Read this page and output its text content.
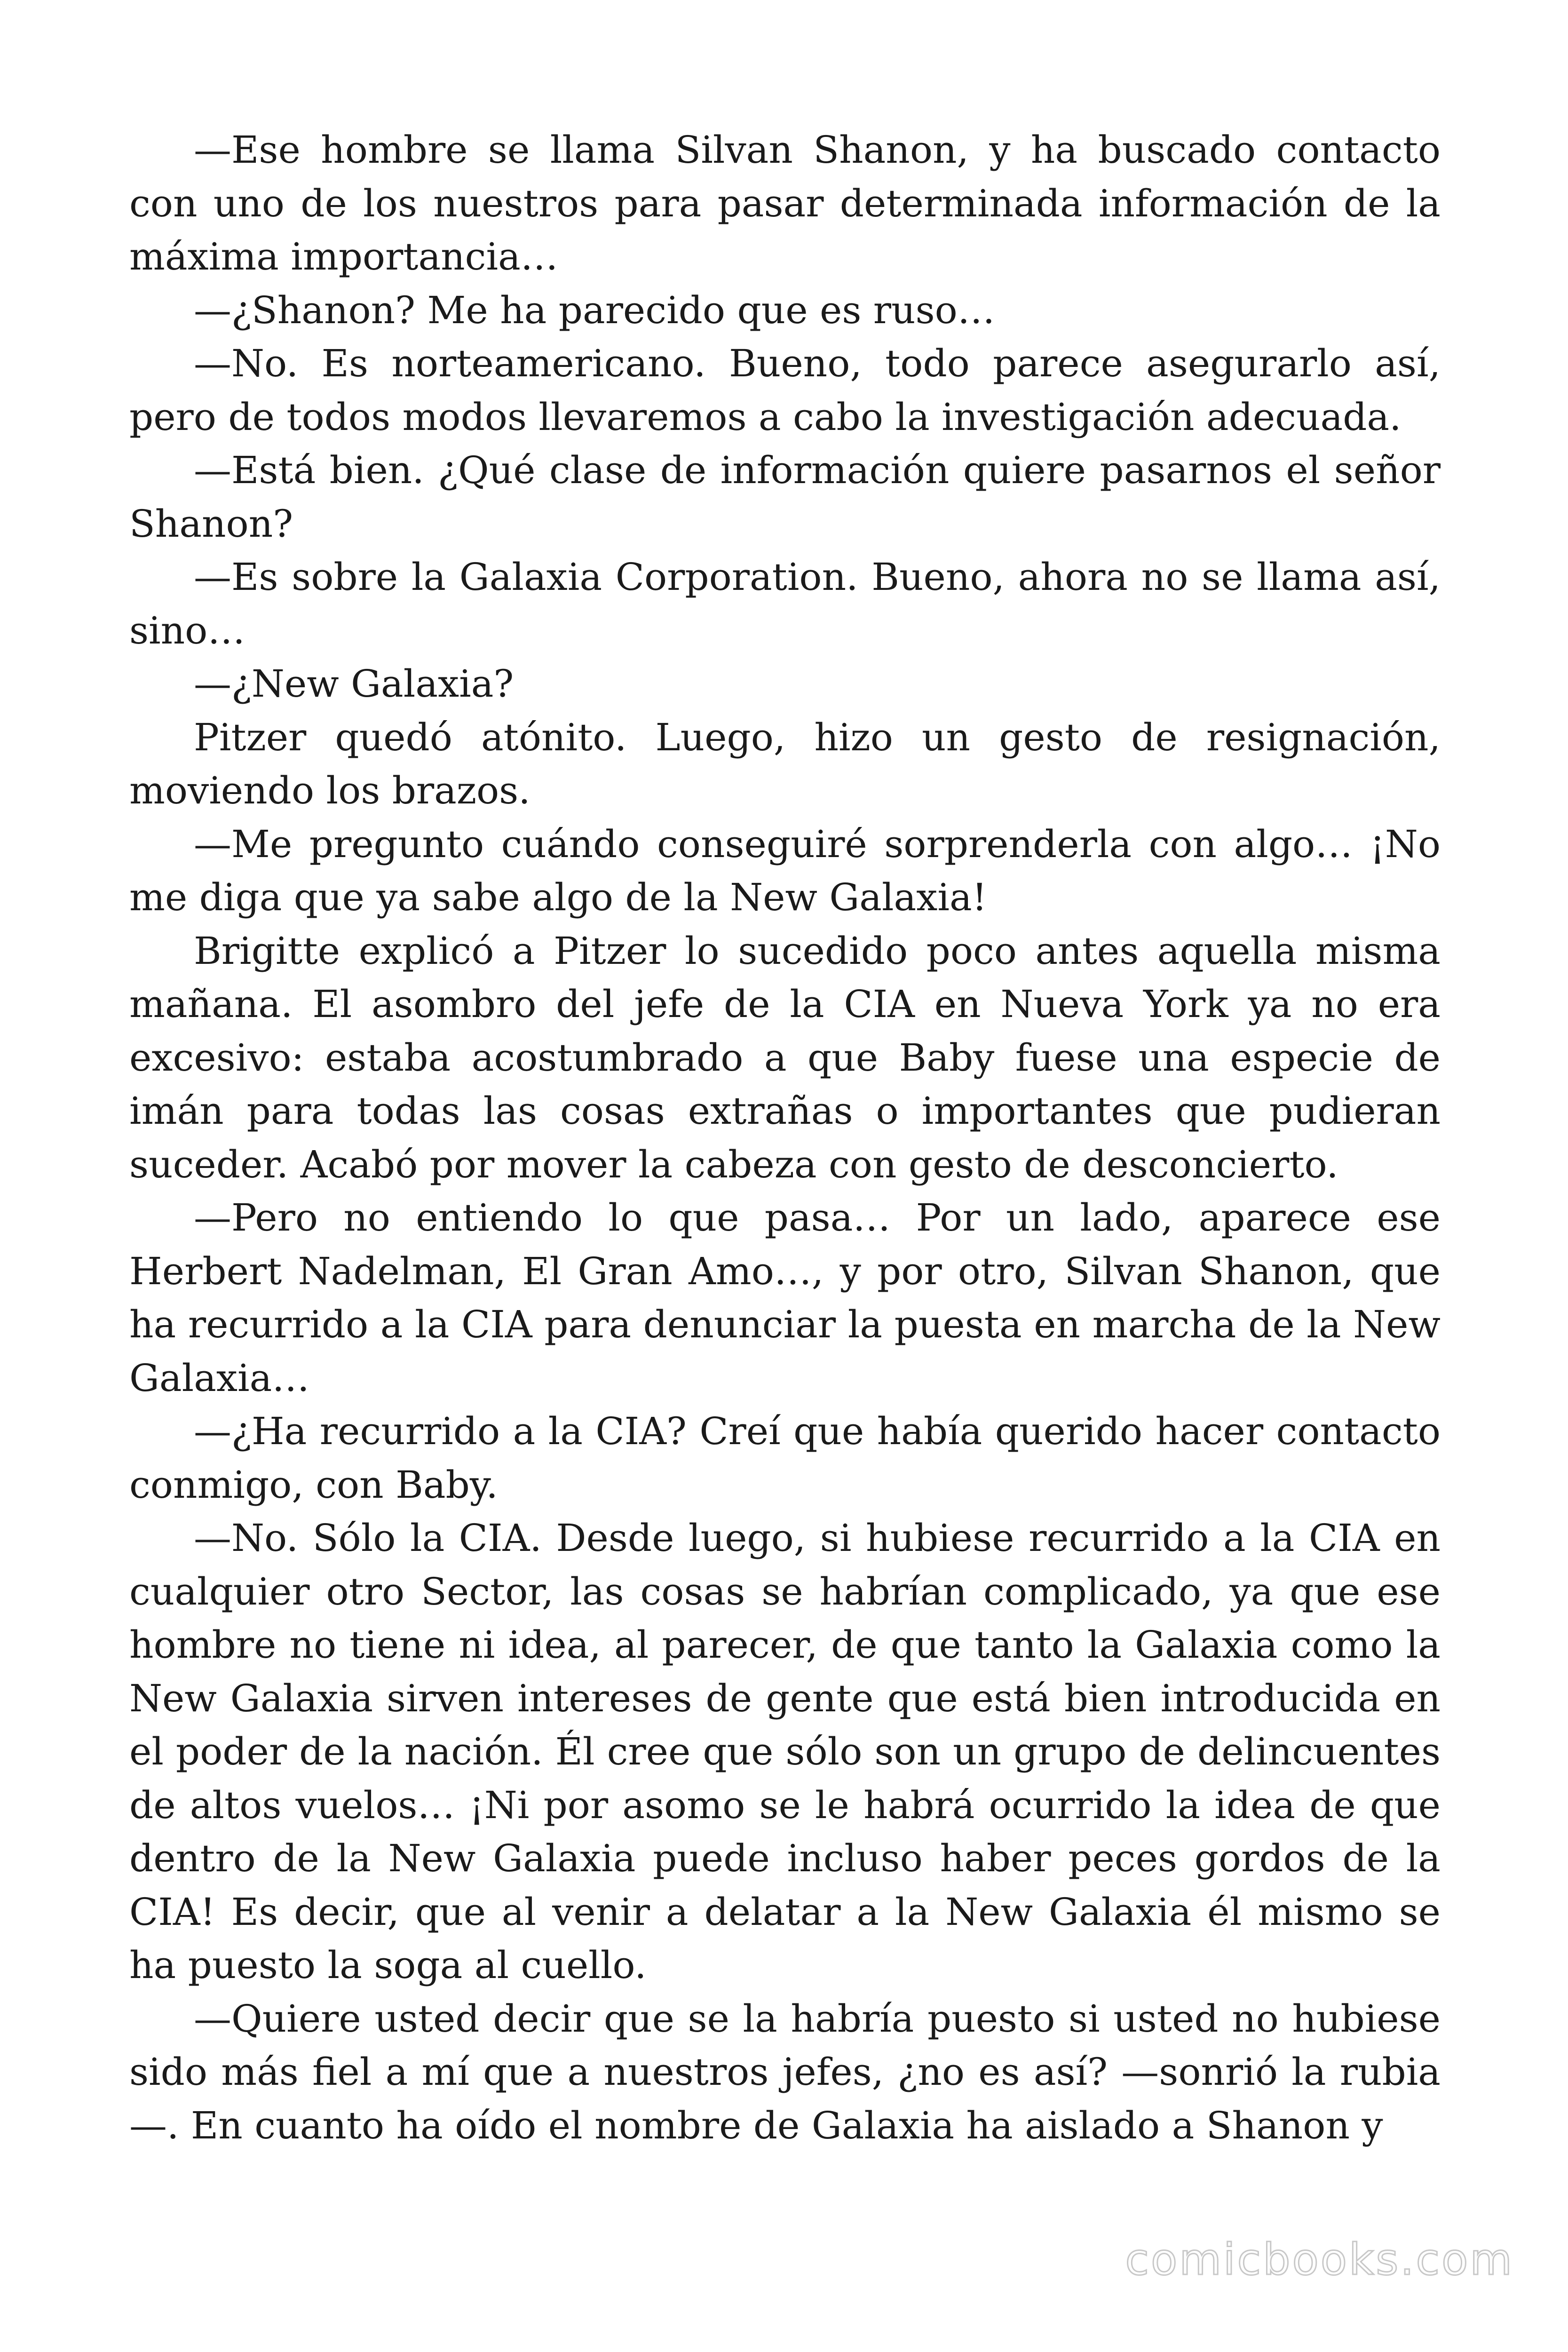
—Ese hombre se llama Silvan Shanon, y ha buscado contacto con uno de los nuestros para pasar determinada información de la máxima importancia…

—¿Shanon? Me ha parecido que es ruso…

—No. Es norteamericano. Bueno, todo parece asegurarlo así, pero de todos modos llevaremos a cabo la investigación adecuada.

—Está bien. ¿Qué clase de información quiere pasarnos el señor Shanon?

—Es sobre la Galaxia Corporation. Bueno, ahora no se llama así, sino…

—¿New Galaxia?

Pitzer quedó atónito. Luego, hizo un gesto de resignación, moviendo los brazos.

—Me pregunto cuándo conseguiré sorprenderla con algo… ¡No me diga que ya sabe algo de la New Galaxia!

Brigitte explicó a Pitzer lo sucedido poco antes aquella misma mañana. El asombro del jefe de la CIA en Nueva York ya no era excesivo: estaba acostumbrado a que Baby fuese una especie de imán para todas las cosas extrañas o importantes que pudieran suceder. Acabó por mover la cabeza con gesto de desconcierto.

—Pero no entiendo lo que pasa… Por un lado, aparece ese Herbert Nadelman, El Gran Amo…, y por otro, Silvan Shanon, que ha recurrido a la CIA para denunciar la puesta en marcha de la New Galaxia…

—¿Ha recurrido a la CIA? Creí que había querido hacer contacto conmigo, con Baby.

—No. Sólo la CIA. Desde luego, si hubiese recurrido a la CIA en cualquier otro Sector, las cosas se habrían complicado, ya que ese hombre no tiene ni idea, al parecer, de que tanto la Galaxia como la New Galaxia sirven intereses de gente que está bien introducida en el poder de la nación. Él cree que sólo son un grupo de delincuentes de altos vuelos… ¡Ni por asomo se le habrá ocurrido la idea de que dentro de la New Galaxia puede incluso haber peces gordos de la CIA! Es decir, que al venir a delatar a la New Galaxia él mismo se ha puesto la soga al cuello.

—Quiere usted decir que se la habría puesto si usted no hubiese sido más fiel a mí que a nuestros jefes, ¿no es así? —sonrió la rubia —. En cuanto ha oído el nombre de Galaxia ha aislado a Shanon y

comicbooks.com
